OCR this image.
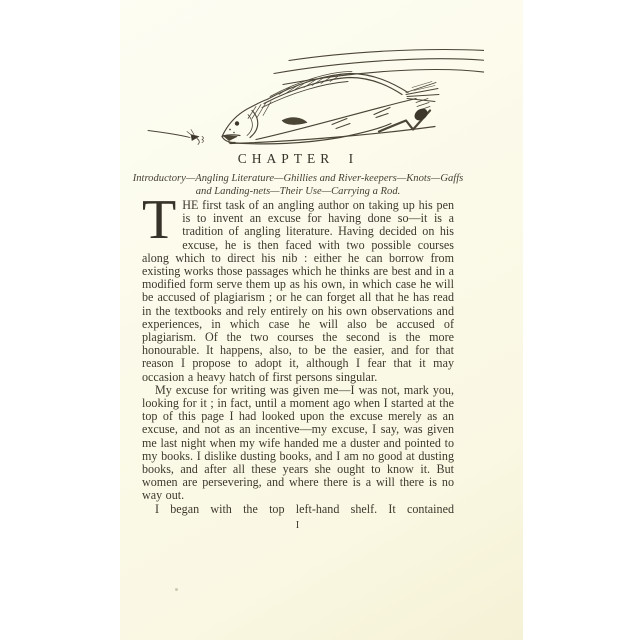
CHAPTER I
Introductory—Angling Literature—Ghillies and River-keepers—Knots—Gaffs
and Landing-nets—Their Use—Carrying a Rod.

THE first task of an angling author on taking up his pen is to invent an excuse for having done so—it is a tradition of angling literature. Having decided on his excuse, he is then faced with two possible courses along which to direct his nib : either he can borrow from existing works those passages which he thinks are best and in a modified form serve them up as his own, in which case he will be accused of plagiarism ; or he can forget all that he has read in the textbooks and rely entirely on his own observations and experiences, in which case he will also be accused of plagiarism. Of the two courses the second is the more honourable. It happens, also, to be the easier, and for that reason I propose to adopt it, although I fear that it may occasion a heavy hatch of first persons singular.

My excuse for writing was given me—I was not, mark you, looking for it ; in fact, until a moment ago when I started at the top of this page I had looked upon the excuse merely as an excuse, and not as an incentive—my excuse, I say, was given me last night when my wife handed me a duster and pointed to my books. I dislike dusting books, and I am no good at dusting books, and after all these years she ought to know it. But women are persevering, and where there is a will there is no way out.

I began with the top left-hand shelf. It contained

I
